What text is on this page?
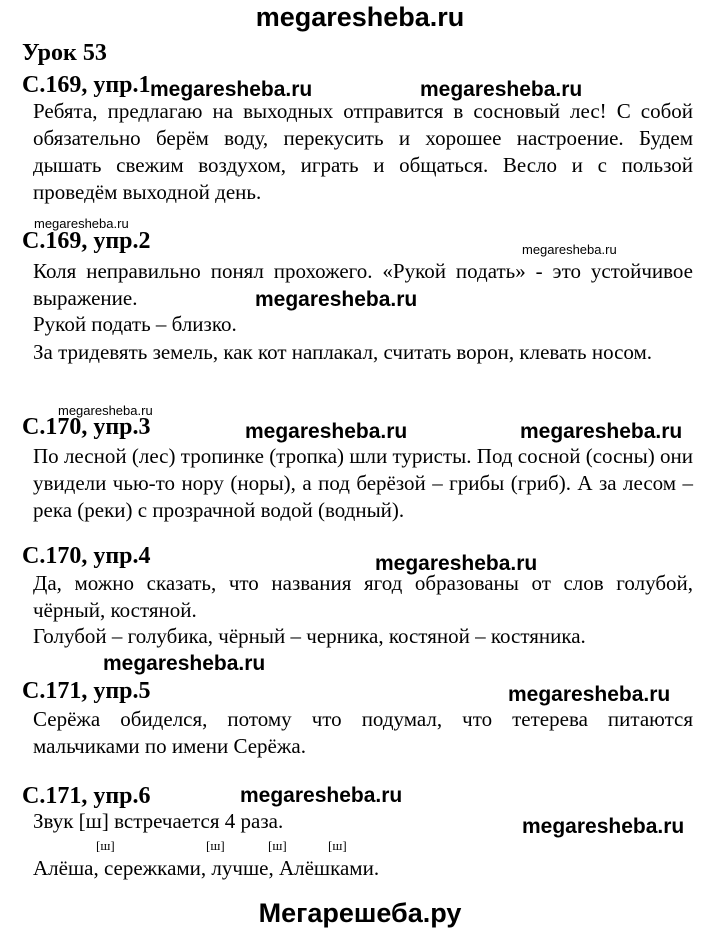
megaresheba.ru
Урок 53
С.169, упр.1
Ребята, предлагаю на выходных отправится в сосновый лес! С собой обязательно берём воду, перекусить и хорошее настроение. Будем дышать свежим воздухом, играть и общаться. Весло и с пользой проведём выходной день.
megaresheba.ru	megaresheba.ru
megaresheba.ru
С.169, упр.2	megaresheba.ru
Коля неправильно понял прохожего. «Рукой подать» - это устойчивое выражение.	megaresheba.ru
Рукой подать – близко.
За тридевять земель, как кот наплакал, считать ворон, клевать носом.
megaresheba.ru
С.170, упр.3	megaresheba.ru	megaresheba.ru
По лесной (лес) тропинке (тропка) шли туристы. Под сосной (сосны) они увидели чью-то нору (норы), а под берёзой – грибы (гриб). А за лесом – река (реки) с прозрачной водой (водный).
С.170, упр.4	megaresheba.ru
Да, можно сказать, что названия ягод образованы от слов голубой, чёрный, костяной.
Голубой – голубика, чёрный – черника, костяной – костяника.
megaresheba.ru
С.171, упр.5	megaresheba.ru
Серёжа обиделся, потому что подумал, что тетерева питаются мальчиками по имени Серёжа.
С.171, упр.6	megaresheba.ru
Звук [ш] встречается 4 раза.	megaresheba.ru
[ш]	[ш]	[ш]	[ш]
Алёша, сережками, лучше, Алёшками.
Мегарешеба.ру
